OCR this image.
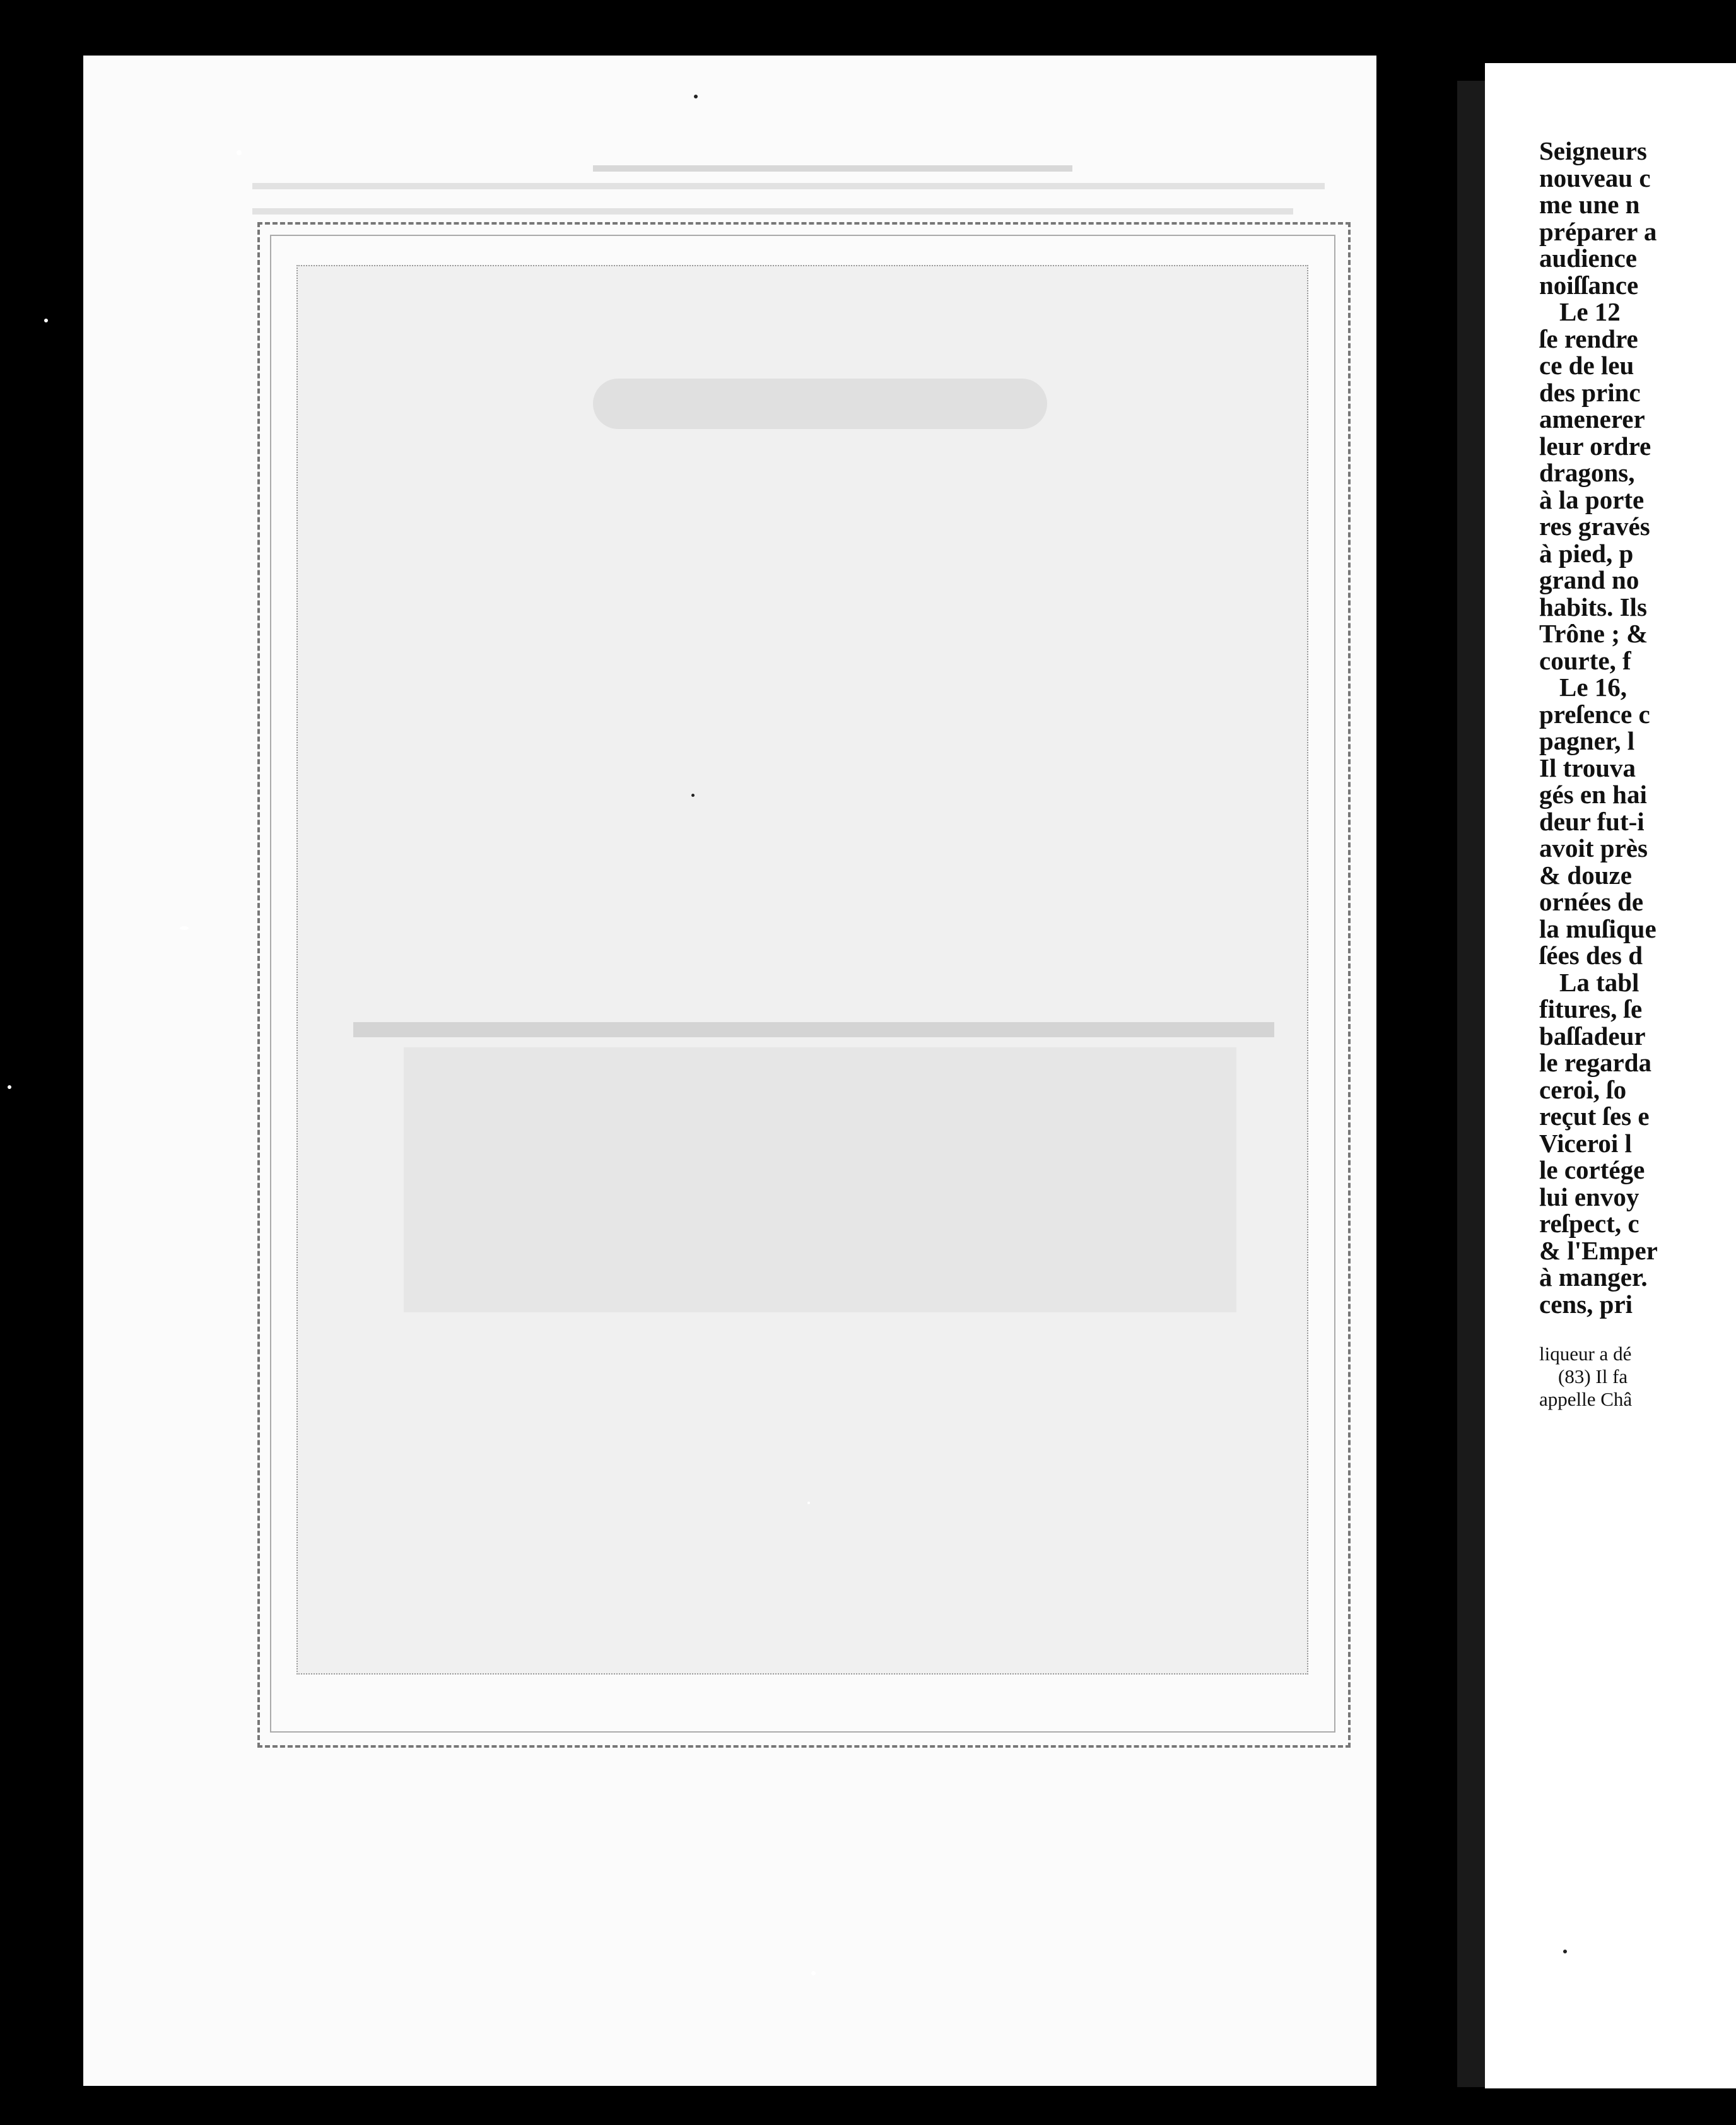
Seigneurs
nouveau c
me une n
préparer a
audience
noiſſance
Le 12
ſe rendre
ce de leu
des princ
amenerer
leur ordre
dragons,
à la porte
res gravés
à pied, p
grand no
habits. Ils
Trône ; &
courte, f
Le 16,
preſence c
pagner, l
Il trouva
gés en hai
deur fut-i
avoit près
& douze
ornées de
la muſique
ſées des d
La tabl
fitures, ſe
baſſadeur
le regarda
ceroi, ſo
reçut ſes e
Viceroi l
le cortége
lui envoy
reſpect, c
& l'Emper
à manger.
cens, pri
liqueur a dé
(83) Il fa
appelle Châ
